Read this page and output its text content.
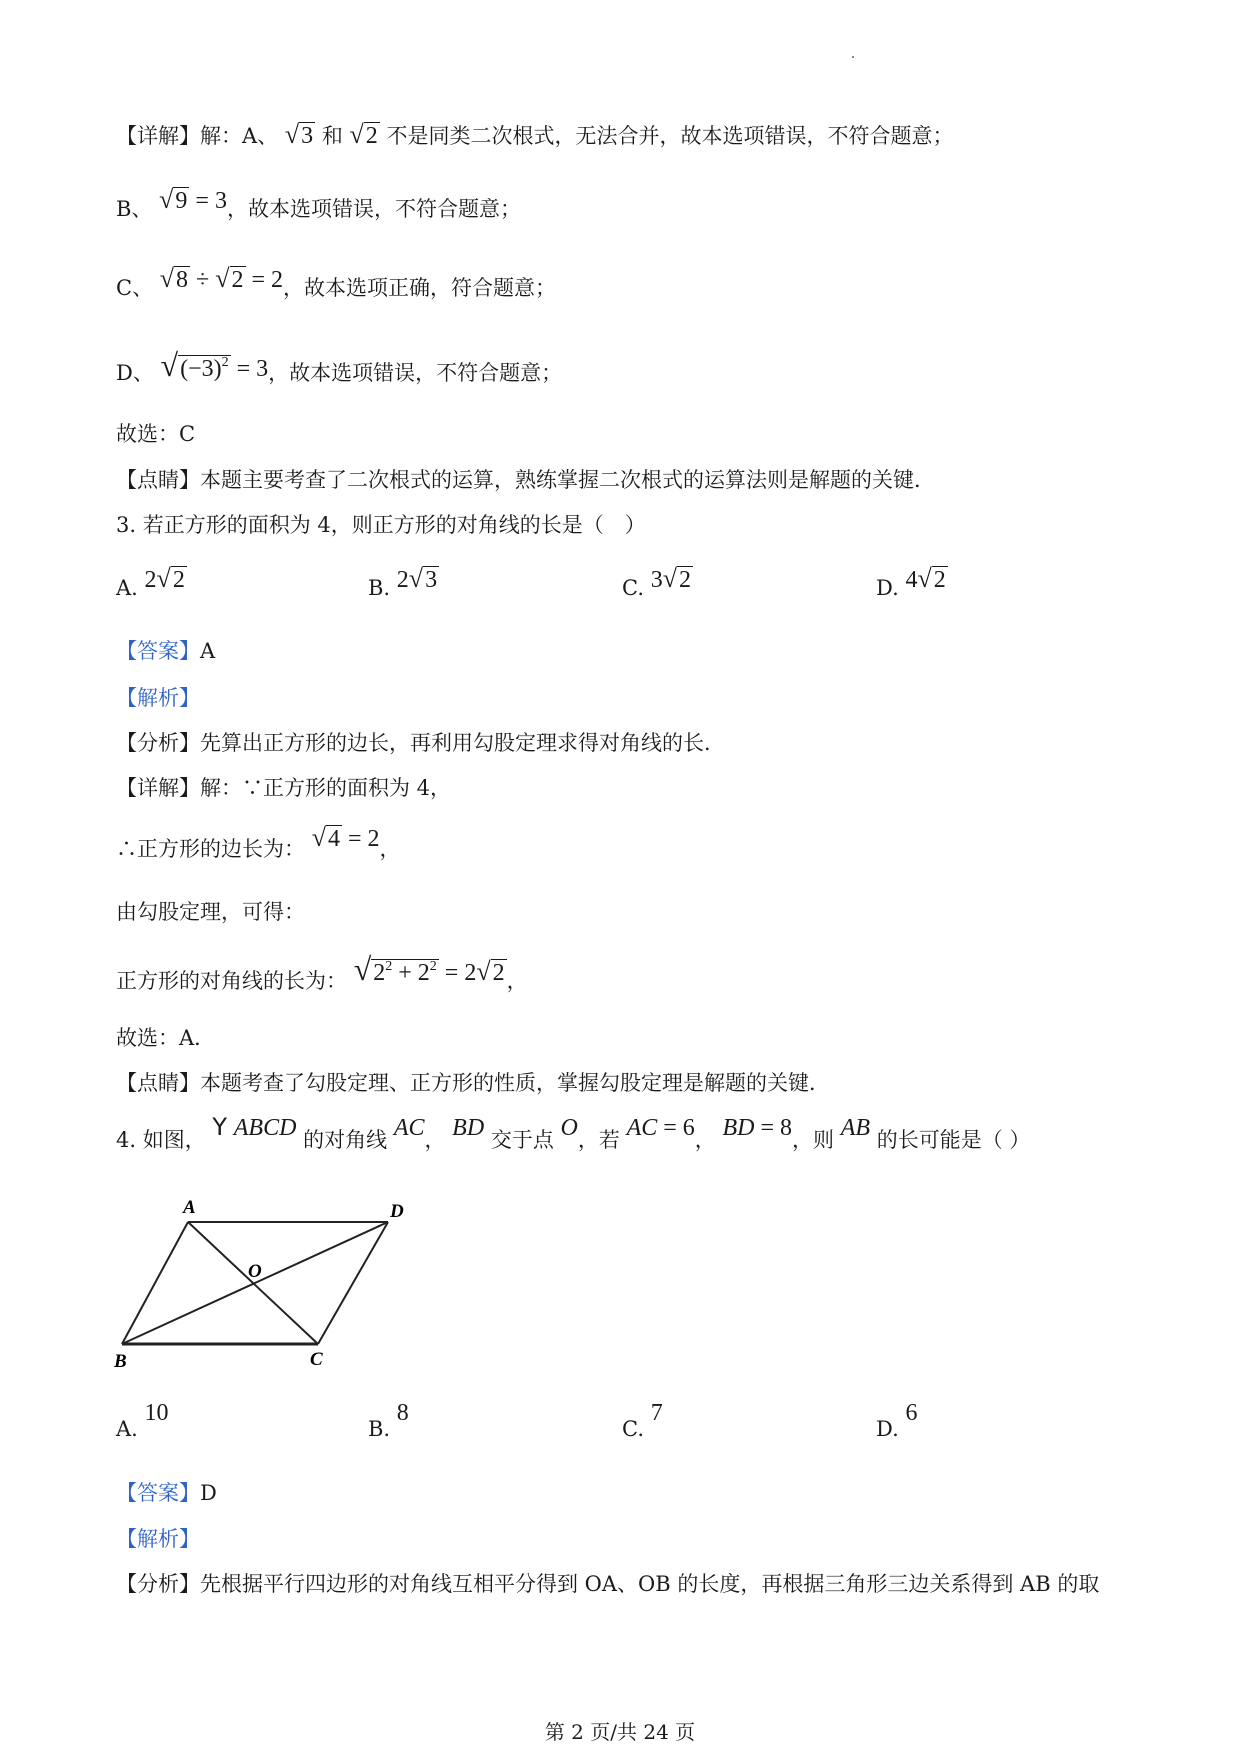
【详解】解：A、 √3 和 √2 不是同类二次根式，无法合并，故本选项错误，不符合题意；
B、 √9 = 3，故本选项错误，不符合题意；
C、 √8 ÷ √2 = 2，故本选项正确，符合题意；
D、 $√(-3)^2 = 3$，故本选项错误，不符合题意；
故选：C
【点睛】本题主要考查了二次根式的运算，熟练掌握二次根式的运算法则是解题的关键．
3. 若正方形的面积为 4，则正方形的对角线的长是（　）
A. 2√2	B. 2√3	C. 3√2	D. 4√2
【答案】A
【解析】
【分析】先算出正方形的边长，再利用勾股定理求得对角线的长．
【详解】解：∵正方形的面积为 4，
∴正方形的边长为： √4 = 2，
由勾股定理，可得：
正方形的对角线的长为： $√2^2 + 2^2 = 2√2$，
故选：A．
【点睛】本题考查了勾股定理、正方形的性质，掌握勾股定理是解题的关键．
4. 如图， Y ABCD 的对角线 AC， BD 交于点 O，若 AC = 6， BD = 8，则 AB 的长可能是（ ）
A	D
B	C
O
A. 10
B. 8
C. 7
D. 6
【答案】D
【解析】
【分析】先根据平行四边形的对角线互相平分得到 OA、OB 的长度，再根据三角形三边关系得到 AB 的取
第 2 页/共 24 页
